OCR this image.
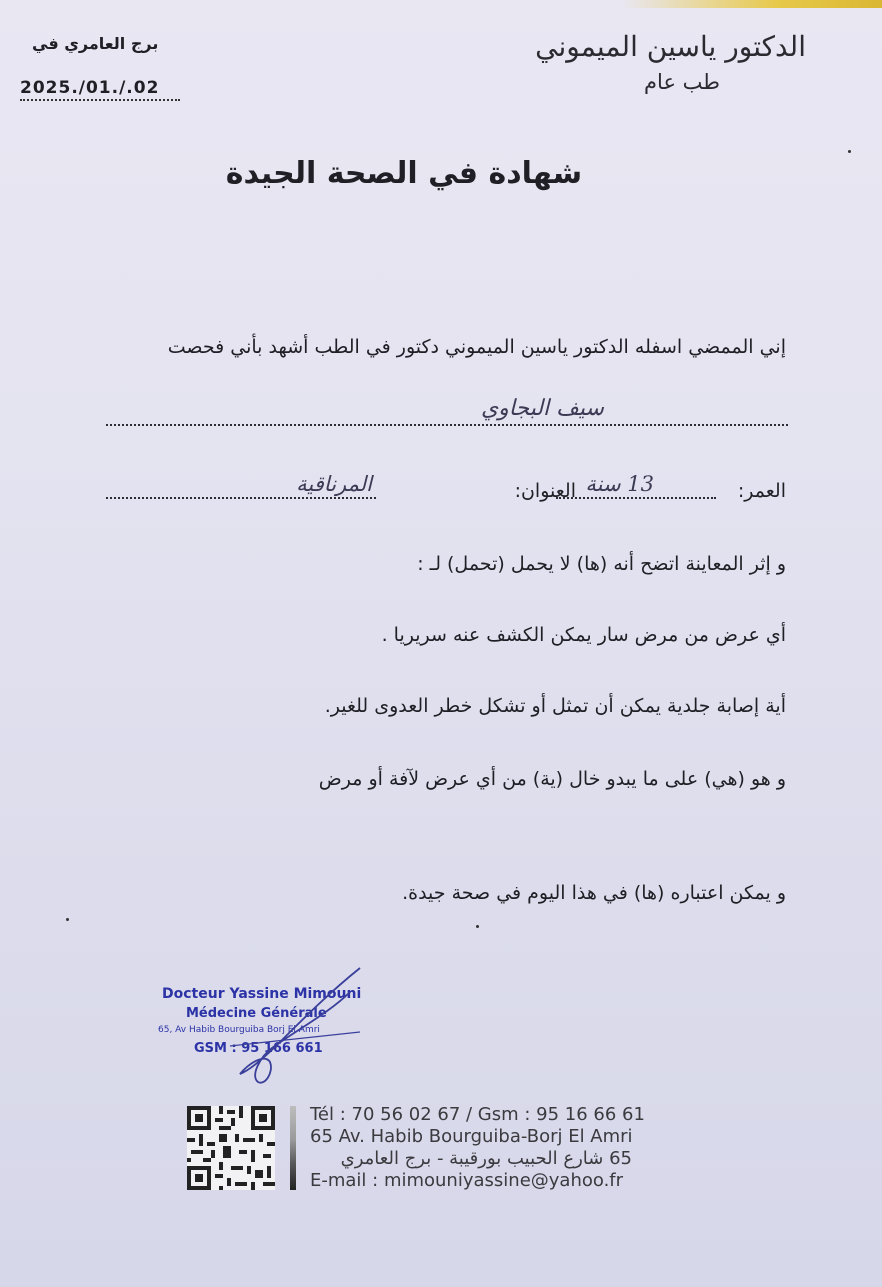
الدكتور ياسين الميموني
طب عام
برج العامري في
2025./01./.02
شهادة في الصحة الجيدة
إني الممضي اسفله الدكتور ياسين الميموني دكتور في الطب أشهد بأني فحصت
سيف البجاوي
العمر:
13 سنة
العنوان:
المرناقية
و إثر المعاينة اتضح أنه (ها) لا يحمل (تحمل) لـ :
أي عرض من مرض سار يمكن الكشف عنه سريريا .
أية إصابة جلدية يمكن أن تمثل أو تشكل خطر العدوى للغير.
و هو (هي) على ما يبدو خال (ية) من أي عرض لآفة أو مرض
و يمكن اعتباره (ها) في هذا اليوم في صحة جيدة.
Docteur Yassine Mimouni
Médecine Générale
65, Av Habib Bourguiba Borj El Amri
GSM : 95 166 661
Tél : 70 56 02 67 / Gsm : 95 16 66 61
65 Av. Habib Bourguiba-Borj El Amri
65 شارع الحبيب بورقيبة - برج العامري
E-mail : mimouniyassine@yahoo.fr
